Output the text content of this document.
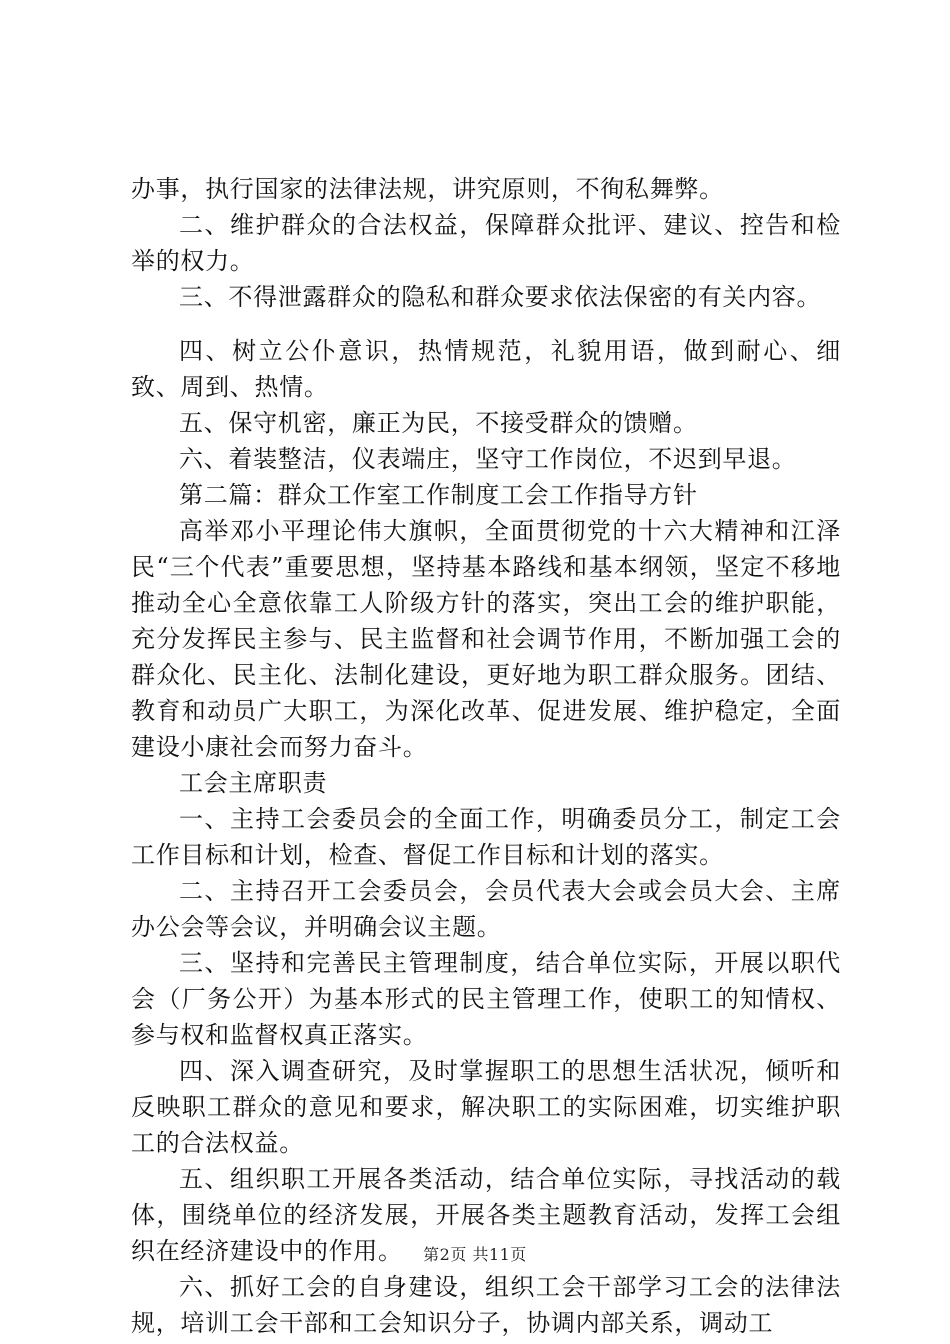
办事，执行国家的法律法规，讲究原则，不徇私舞弊。

二、维护群众的合法权益，保障群众批评、建议、控告和检举的权力。

三、不得泄露群众的隐私和群众要求依法保密的有关内容。

四、树立公仆意识，热情规范，礼貌用语，做到耐心、细致、周到、热情。

五、保守机密，廉正为民，不接受群众的馈赠。

六、着装整洁，仪表端庄，坚守工作岗位，不迟到早退。

第二篇：群众工作室工作制度工会工作指导方针

高举邓小平理论伟大旗帜，全面贯彻党的十六大精神和江泽民“三个代表”重要思想，坚持基本路线和基本纲领，坚定不移地推动全心全意依靠工人阶级方针的落实，突出工会的维护职能，充分发挥民主参与、民主监督和社会调节作用，不断加强工会的群众化、民主化、法制化建设，更好地为职工群众服务。团结、教育和动员广大职工，为深化改革、促进发展、维护稳定，全面建设小康社会而努力奋斗。

工会主席职责

一、主持工会委员会的全面工作，明确委员分工，制定工会工作目标和计划，检查、督促工作目标和计划的落实。

二、主持召开工会委员会，会员代表大会或会员大会、主席办公会等会议，并明确会议主题。

三、坚持和完善民主管理制度，结合单位实际，开展以职代会（厂务公开）为基本形式的民主管理工作，使职工的知情权、参与权和监督权真正落实。

四、深入调查研究，及时掌握职工的思想生活状况，倾听和反映职工群众的意见和要求，解决职工的实际困难，切实维护职工的合法权益。

五、组织职工开展各类活动，结合单位实际，寻找活动的载体，围绕单位的经济发展，开展各类主题教育活动，发挥工会组织在经济建设中的作用。

六、抓好工会的自身建设，组织工会干部学习工会的法律法规，培训工会干部和工会知识分子，协调内部关系，调动工

第2页 共11页
